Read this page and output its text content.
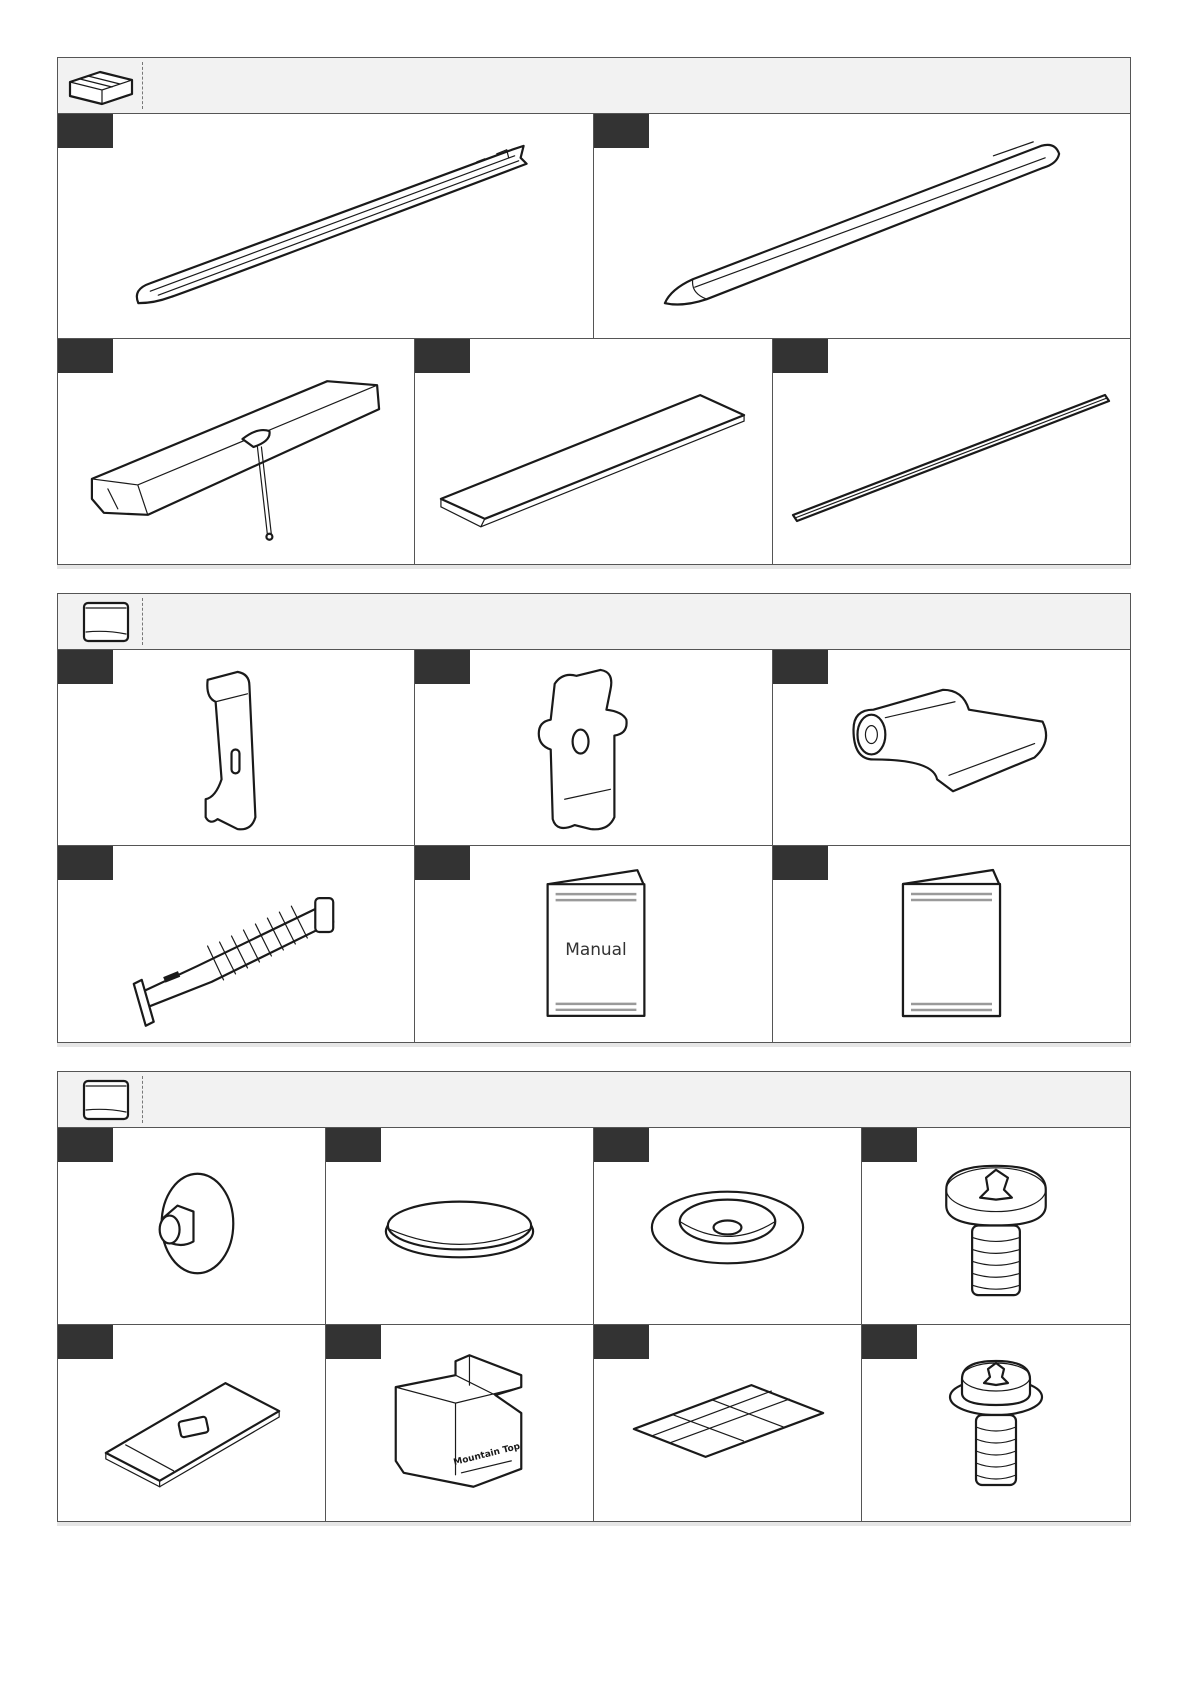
Manual
Mountain Top
